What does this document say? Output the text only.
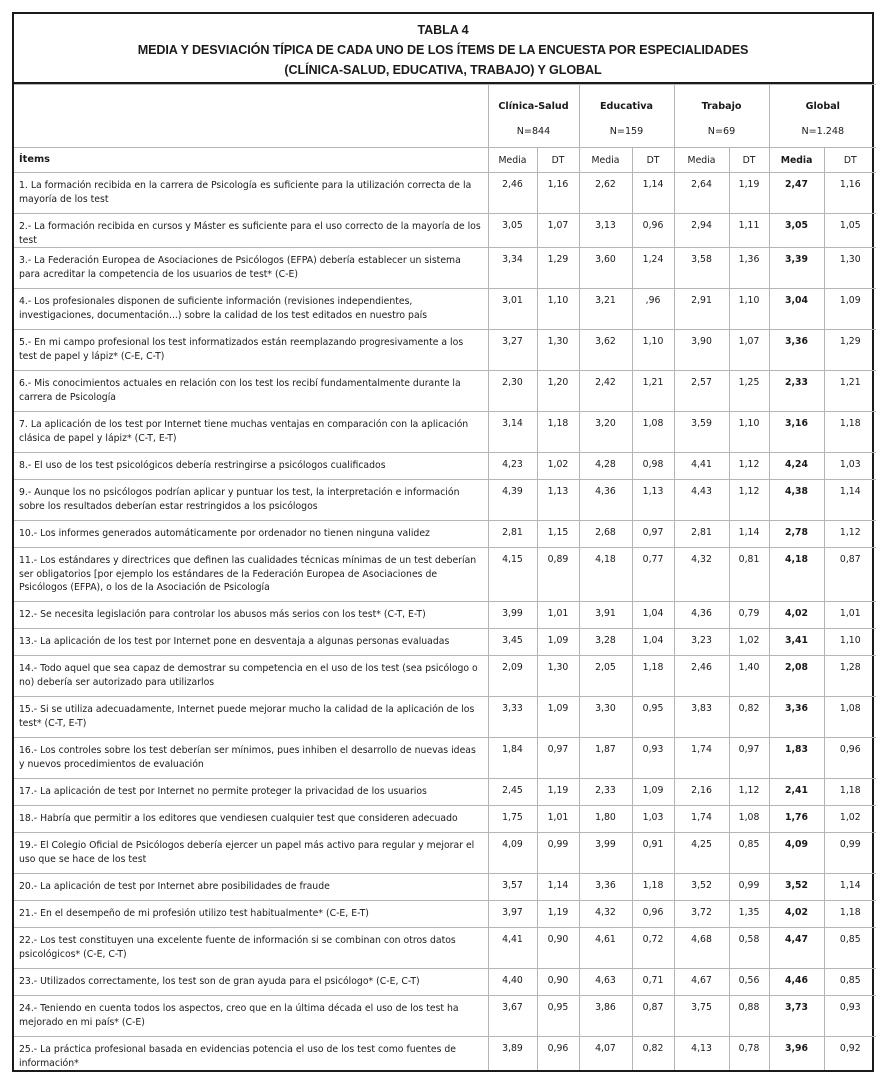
TABLA 4
MEDIA Y DESVIACIÓN TÍPICA DE CADA UNO DE LOS ÍTEMS DE LA ENCUESTA POR ESPECIALIDADES
(CLÍNICA-SALUD, EDUCATIVA, TRABAJO) Y GLOBAL

	Clínica-Salud
N=844		Educativa
N=159		Trabajo
N=69		Global
N=1.248	

Ítems	Media	DT	Media	DT	Media	DT	Media	DT
1. La formación recibida en la carrera de Psicología es suficiente para la utilización correcta de la mayoría de los test	2,46	1,16	2,62	1,14	2,64	1,19	2,47	1,16
2.- La formación recibida en cursos y Máster es suficiente para el uso correcto de la mayoría de los test	3,05	1,07	3,13	0,96	2,94	1,11	3,05	1,05
3.- La Federación Europea de Asociaciones de Psicólogos (EFPA) debería establecer un sistema para acreditar la competencia de los usuarios de test* (C-E)	3,34	1,29	3,60	1,24	3,58	1,36	3,39	1,30
4.- Los profesionales disponen de suficiente información (revisiones independientes, investigaciones, documentación...) sobre la calidad de los test editados en nuestro país	3,01	1,10	3,21	,96	2,91	1,10	3,04	1,09
5.- En mi campo profesional los test informatizados están reemplazando progresivamente a los test de papel y lápiz* (C-E, C-T)	3,27	1,30	3,62	1,10	3,90	1,07	3,36	1,29
6.- Mis conocimientos actuales en relación con los test los recibí fundamentalmente durante la carrera de Psicología	2,30	1,20	2,42	1,21	2,57	1,25	2,33	1,21
7. La aplicación de los test por Internet tiene muchas ventajas en comparación con la aplicación clásica de papel y lápiz* (C-T, E-T)	3,14	1,18	3,20	1,08	3,59	1,10	3,16	1,18
8.- El uso de los test psicológicos debería restringirse a psicólogos cualificados	4,23	1,02	4,28	0,98	4,41	1,12	4,24	1,03
9.- Aunque los no psicólogos podrían aplicar y puntuar los test, la interpretación e información sobre los resultados deberían estar restringidos a los psicólogos	4,39	1,13	4,36	1,13	4,43	1,12	4,38	1,14
10.- Los informes generados automáticamente por ordenador no tienen ninguna validez	2,81	1,15	2,68	0,97	2,81	1,14	2,78	1,12
11.- Los estándares y directrices que definen las cualidades técnicas mínimas de un test deberían ser obligatorios [por ejemplo los estándares de la Federación Europea de Asociaciones de Psicólogos (EFPA), o los de la Asociación de Psicología	4,15	0,89	4,18	0,77	4,32	0,81	4,18	0,87
12.- Se necesita legislación para controlar los abusos más serios con los test* (C-T, E-T)	3,99	1,01	3,91	1,04	4,36	0,79	4,02	1,01
13.- La aplicación de los test por Internet pone en desventaja a algunas personas evaluadas	3,45	1,09	3,28	1,04	3,23	1,02	3,41	1,10
14.- Todo aquel que sea capaz de demostrar su competencia en el uso de los test (sea psicólogo o no) debería ser autorizado para utilizarlos	2,09	1,30	2,05	1,18	2,46	1,40	2,08	1,28
15.- Si se utiliza adecuadamente, Internet puede mejorar mucho la calidad de la aplicación de los test* (C-T, E-T)	3,33	1,09	3,30	0,95	3,83	0,82	3,36	1,08
16.- Los controles sobre los test deberían ser mínimos, pues inhiben el desarrollo de nuevas ideas y nuevos procedimientos de evaluación	1,84	0,97	1,87	0,93	1,74	0,97	1,83	0,96
17.- La aplicación de test por Internet no permite proteger la privacidad de los usuarios	2,45	1,19	2,33	1,09	2,16	1,12	2,41	1,18
18.- Habría que permitir a los editores que vendiesen cualquier test que consideren adecuado	1,75	1,01	1,80	1,03	1,74	1,08	1,76	1,02
19.- El Colegio Oficial de Psicólogos debería ejercer un papel más activo para regular y mejorar el uso que se hace de los test	4,09	0,99	3,99	0,91	4,25	0,85	4,09	0,99
20.- La aplicación de test por Internet abre posibilidades de fraude	3,57	1,14	3,36	1,18	3,52	0,99	3,52	1,14
21.- En el desempeño de mi profesión utilizo test habitualmente* (C-E, E-T)	3,97	1,19	4,32	0,96	3,72	1,35	4,02	1,18
22.- Los test constituyen una excelente fuente de información si se combinan con otros datos psicológicos* (C-E, C-T)	4,41	0,90	4,61	0,72	4,68	0,58	4,47	0,85
23.- Utilizados correctamente, los test son de gran ayuda para el psicólogo* (C-E, C-T)	4,40	0,90	4,63	0,71	4,67	0,56	4,46	0,85
24.- Teniendo en cuenta todos los aspectos, creo que en la última década el uso de los test ha mejorado en mi país* (C-E)	3,67	0,95	3,86	0,87	3,75	0,88	3,73	0,93
25.- La práctica profesional basada en evidencias potencia el uso de los test como fuentes de información*	3,89	0,96	4,07	0,82	4,13	0,78	3,96	0,92
